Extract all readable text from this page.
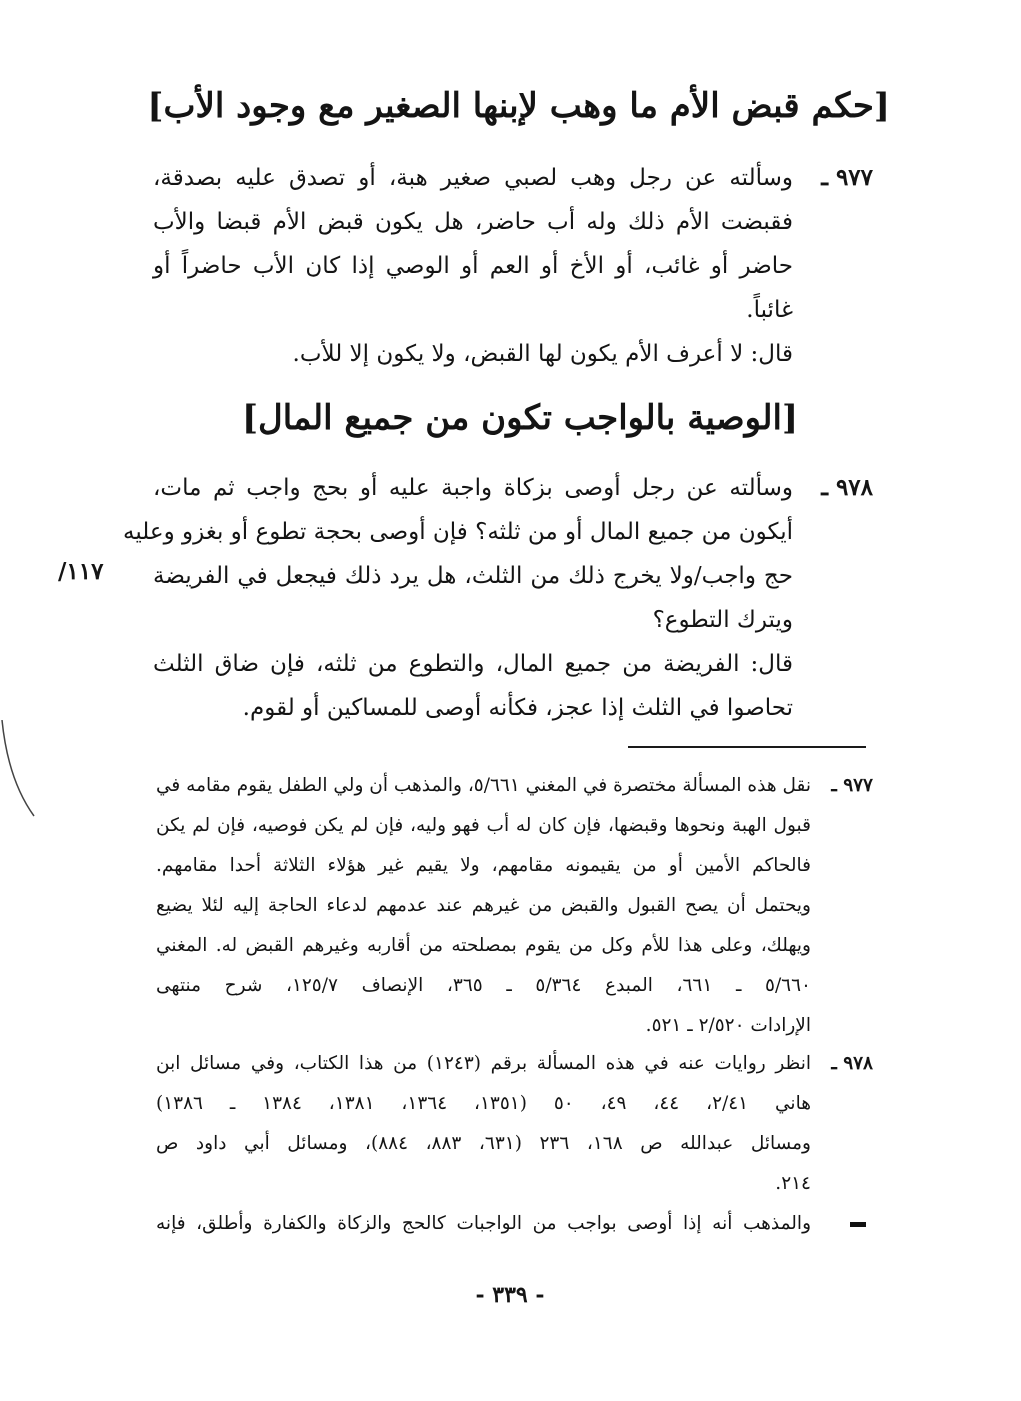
[حكم قبض الأم ما وهب لإبنها الصغير مع وجود الأب]
٩٧٧ ـ
وسألته عن رجل وهب لصبي صغير هبة، أو تصدق عليه بصدقة،
فقبضت الأم ذلك وله أب حاضر، هل يكون قبض الأم قبضا والأب
حاضر أو غائب، أو الأخ أو العم أو الوصي إذا كان الأب حاضراً أو
غائباً.
قال: لا أعرف الأم يكون لها القبض، ولا يكون إلا للأب.
[الوصية بالواجب تكون من جميع المال]
٩٧٨ ـ
وسألته عن رجل أوصى بزكاة واجبة عليه أو بحج واجب ثم مات،
أيكون من جميع المال أو من ثلثه؟ فإن أوصى بحجة تطوع أو بغزو وعليه
حج واجب/ولا يخرج ذلك من الثلث، هل يرد ذلك فيجعل في الفريضة
ويترك التطوع؟
قال: الفريضة من جميع المال، والتطوع من ثلثه، فإن ضاق الثلث
تحاصوا في الثلث إذا عجز، فكأنه أوصى للمساكين أو لقوم.
/١١٧
٩٧٧ ـ
نقل هذه المسألة مختصرة في المغني ٥/٦٦١، والمذهب أن ولي الطفل يقوم مقامه في
قبول الهبة ونحوها وقبضها، فإن كان له أب فهو وليه، فإن لم يكن فوصيه، فإن لم يكن
فالحاكم الأمين أو من يقيمونه مقامهم، ولا يقيم غير هؤلاء الثلاثة أحدا مقامهم.
ويحتمل أن يصح القبول والقبض من غيرهم عند عدمهم لدعاء الحاجة إليه لئلا يضيع
ويهلك، وعلى هذا للأم وكل من يقوم بمصلحته من أقاربه وغيرهم القبض له. المغني
٥/٦٦٠ ـ ٦٦١، المبدع ٥/٣٦٤ ـ ٣٦٥، الإنصاف ١٢٥/٧، شرح منتهى
الإرادات ٢/٥٢٠ ـ ٥٢١.
٩٧٨ ـ
انظر روايات عنه في هذه المسألة برقم (١٢٤٣) من هذا الكتاب، وفي مسائل ابن
هاني ٢/٤١، ٤٤، ٤٩، ٥٠ (١٣٥١، ١٣٦٤، ١٣٨١، ١٣٨٤ ـ ١٣٨٦)
ومسائل عبدالله ص ١٦٨، ٢٣٦ (٦٣١، ٨٨٣، ٨٨٤)، ومسائل أبي داود ص
٢١٤.
والمذهب أنه إذا أوصى بواجب من الواجبات كالحج والزكاة والكفارة وأطلق، فإنه
- ٣٣٩ -
